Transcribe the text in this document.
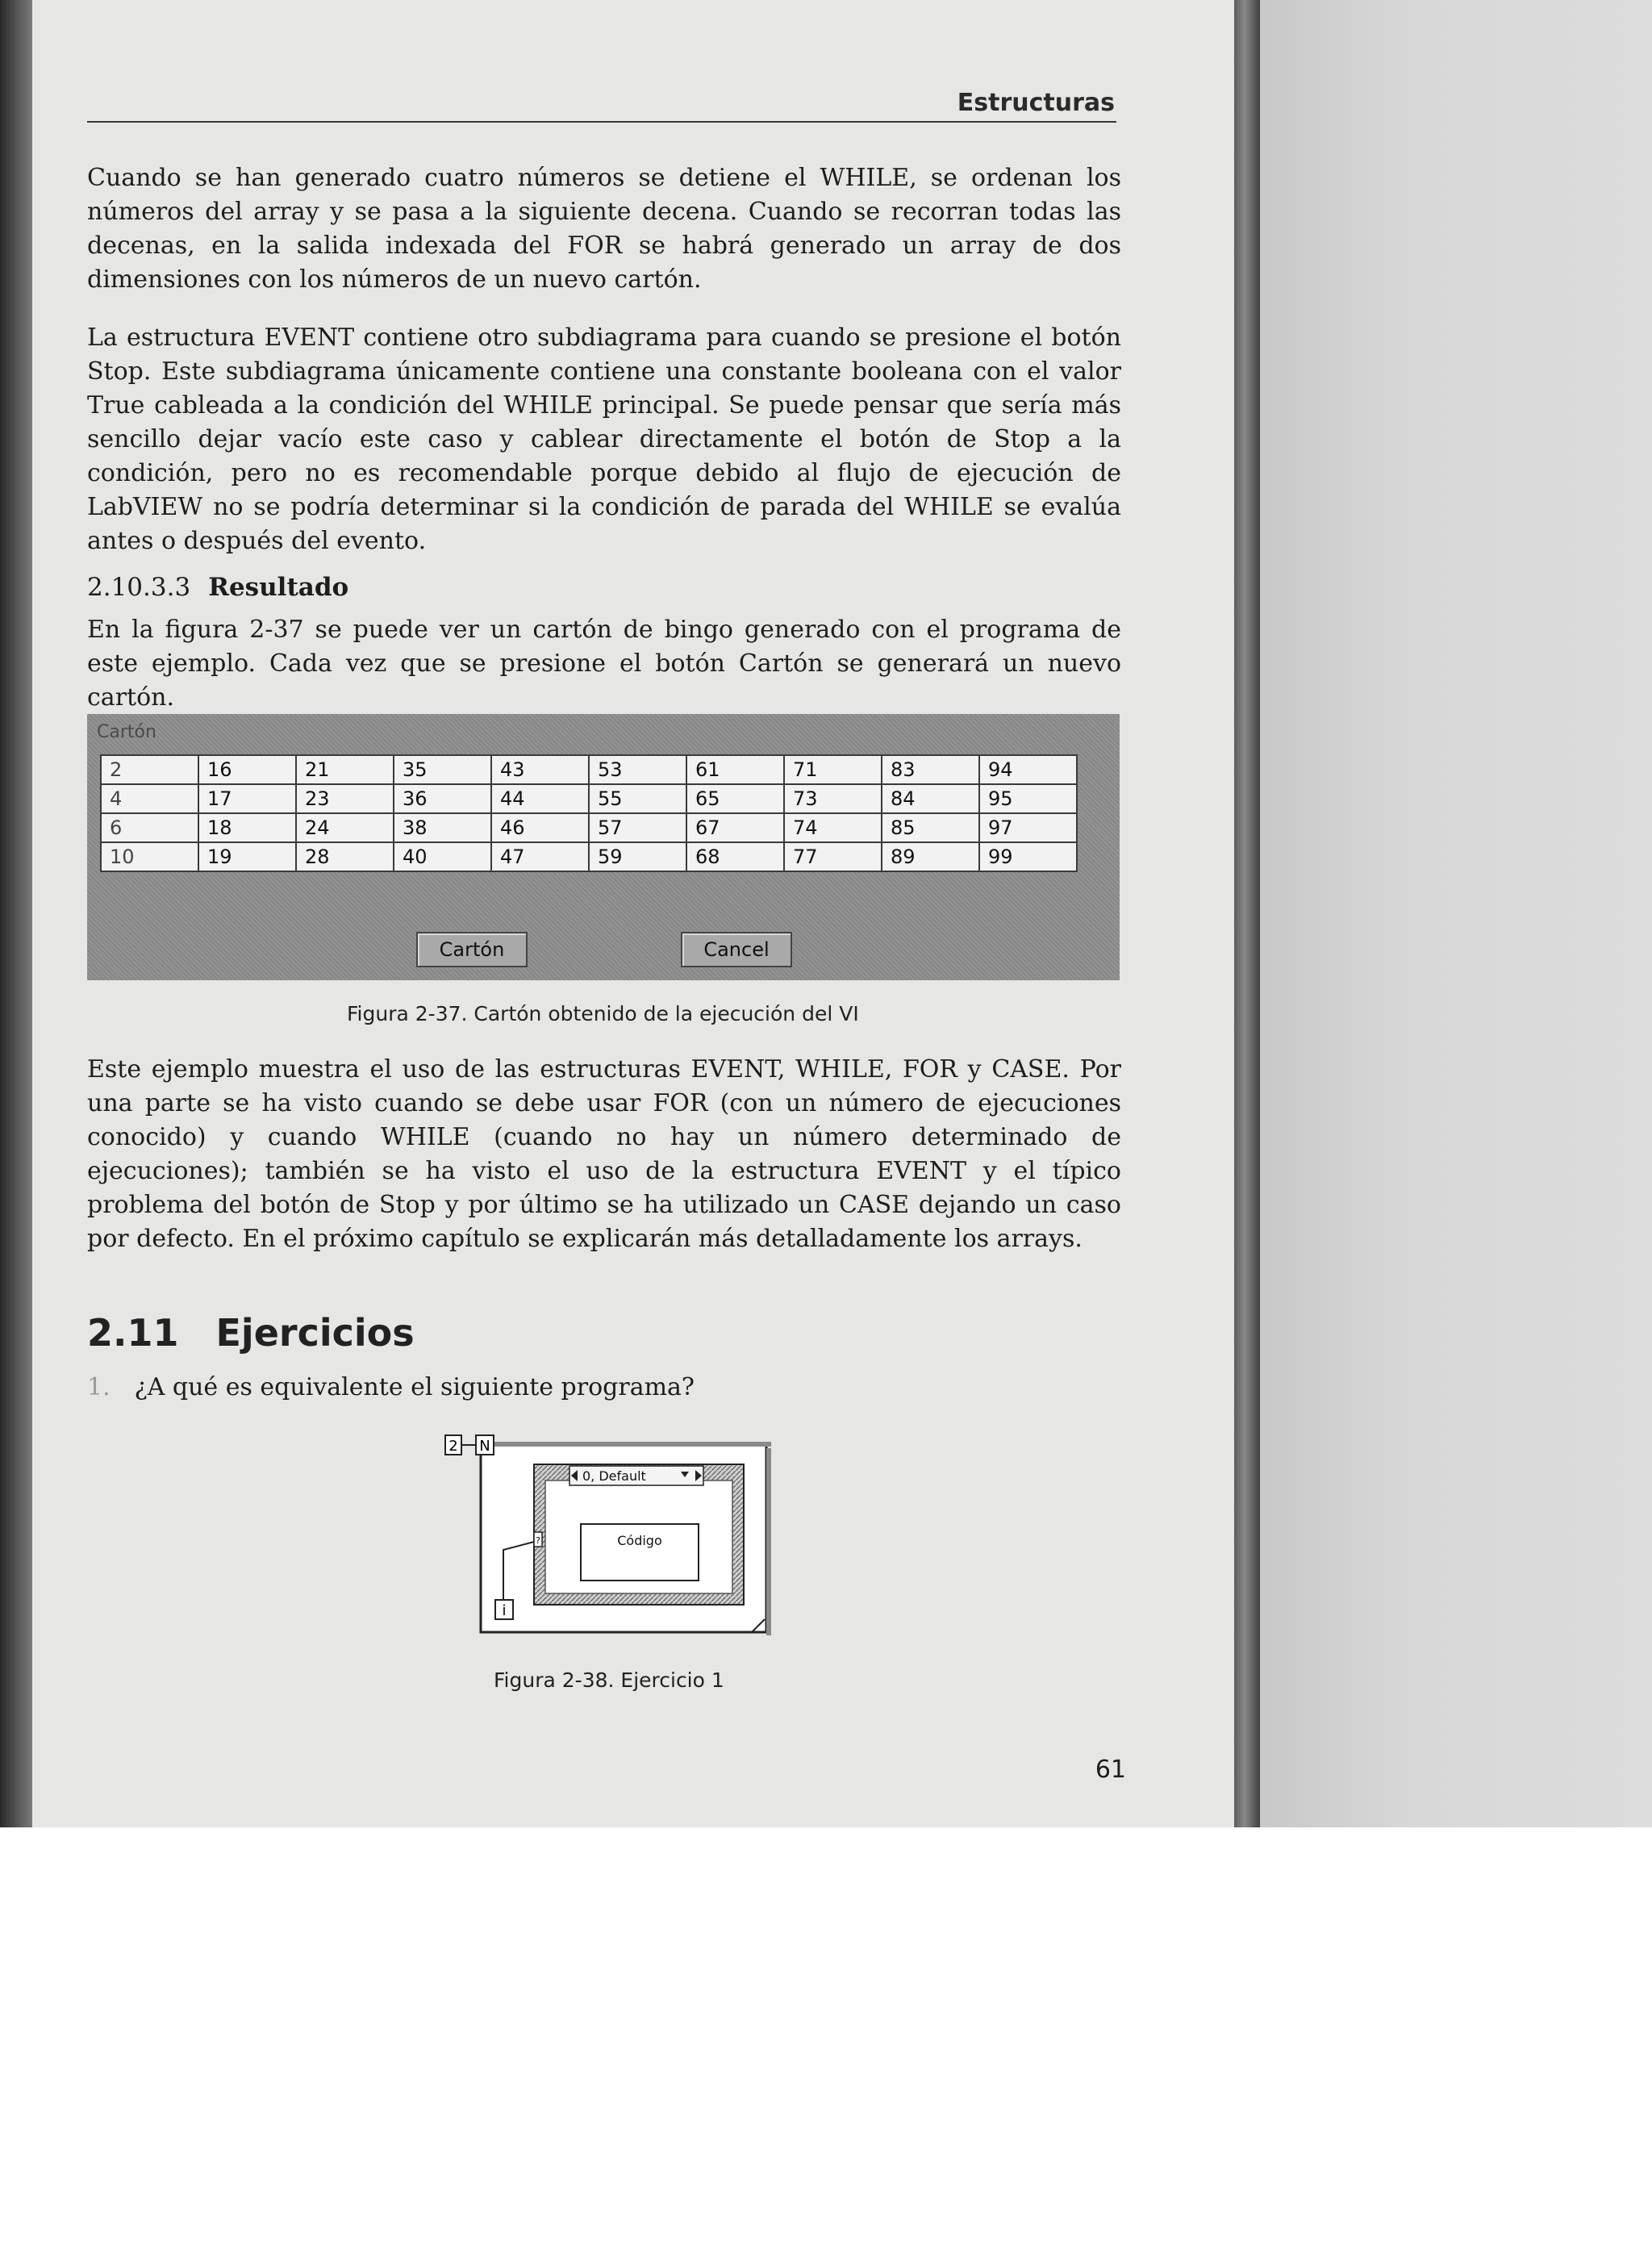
Estructuras

Cuando se han generado cuatro números se detiene el WHILE, se ordenan los números del array y se pasa a la siguiente decena. Cuando se recorran todas las decenas, en la salida indexada del FOR se habrá generado un array de dos dimensiones con los números de un nuevo cartón.

La estructura EVENT contiene otro subdiagrama para cuando se presione el botón Stop. Este subdiagrama únicamente contiene una constante booleana con el valor True cableada a la condición del WHILE principal. Se puede pensar que sería más sencillo dejar vacío este caso y cablear directamente el botón de Stop a la condición, pero no es recomendable porque debido al flujo de ejecución de LabVIEW no se podría determinar si la condición de parada del WHILE se evalúa antes o después del evento.

2.10.3.3 Resultado

En la figura 2-37 se puede ver un cartón de bingo generado con el programa de este ejemplo. Cada vez que se presione el botón Cartón se generará un nuevo cartón.

Cartón
2	16	21	35	43	53	61	71	83	94
4	17	23	36	44	55	65	73	84	95
6	18	24	38	46	57	67	74	85	97
10	19	28	40	47	59	68	77	89	99
Cartón	Cancel
Figura 2-37. Cartón obtenido de la ejecución del VI

Este ejemplo muestra el uso de las estructuras EVENT, WHILE, FOR y CASE. Por una parte se ha visto cuando se debe usar FOR (con un número de ejecuciones conocido) y cuando WHILE (cuando no hay un número determinado de ejecuciones); también se ha visto el uso de la estructura EVENT y el típico problema del botón de Stop y por último se ha utilizado un CASE dejando un caso por defecto. En el próximo capítulo se explicarán más detalladamente los arrays.

2.11 Ejercicios
1. ¿A qué es equivalente el siguiente programa?
2 N
0, Default
Código
?
i
Figura 2-38. Ejercicio 1
61
